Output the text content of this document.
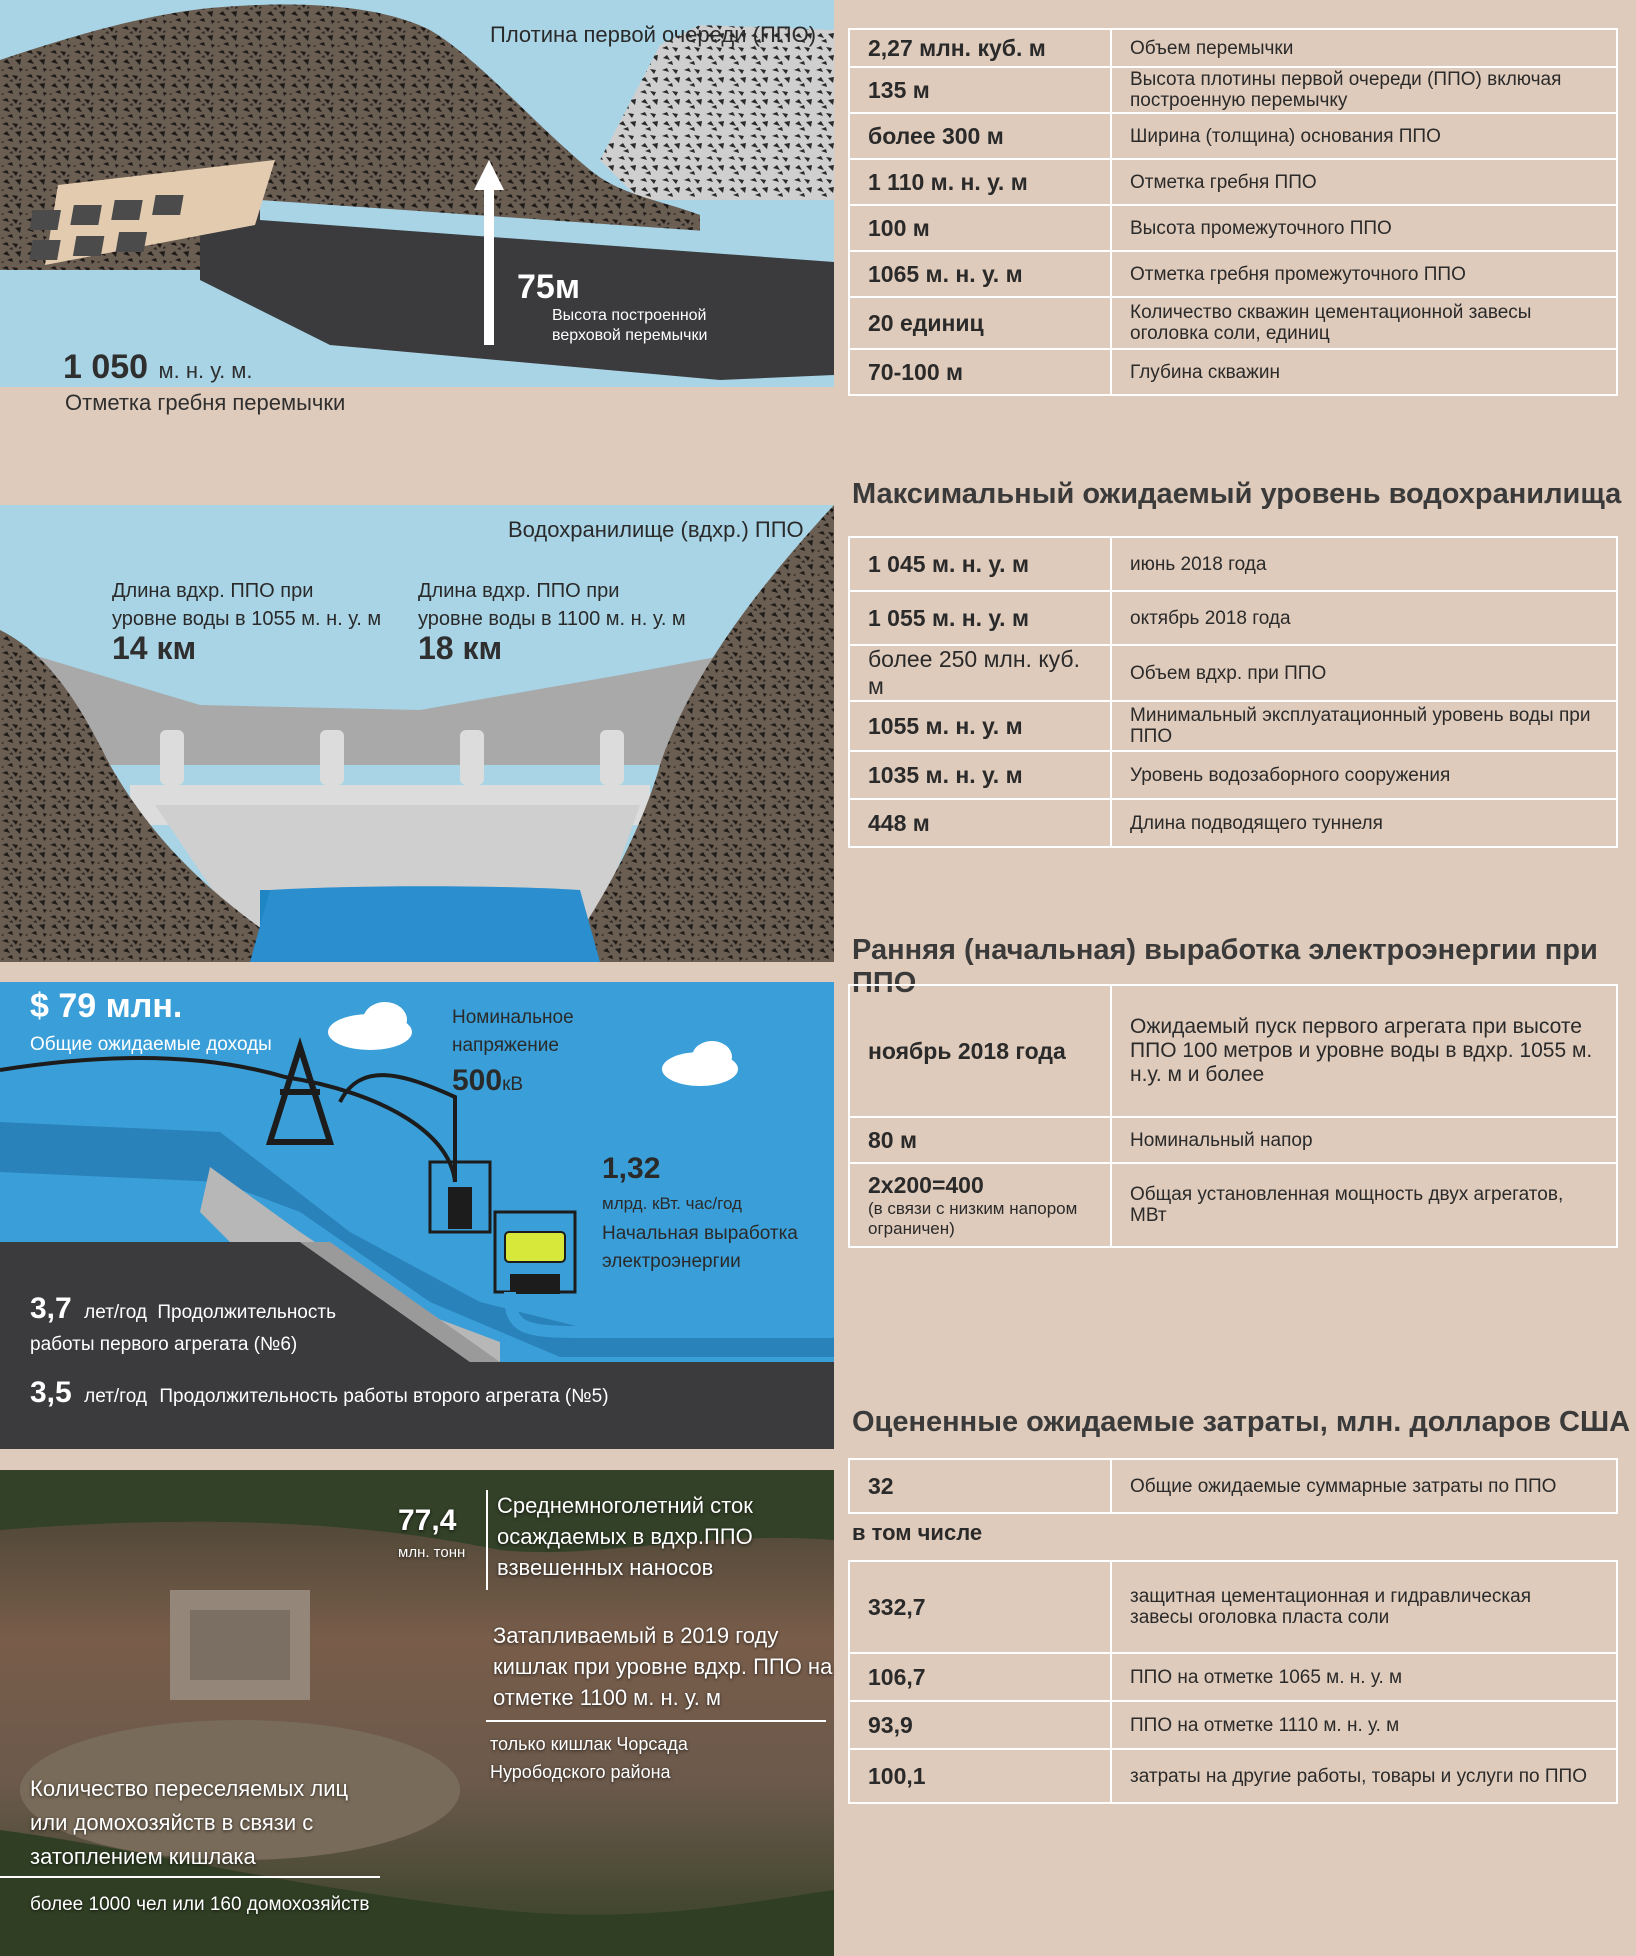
Плотина первой очереди (ППО)
75м
Высота построенной верховой перемычки
1 050 м. н. у. м.
Отметка гребня перемычки
Водохранилище (вдхр.) ППО
Длина вдхр. ППО при уровне воды в 1055 м. н. у. м
14 км
Длина вдхр. ППО при уровне воды в 1100 м. н. у. м
18 км
$ 79 млн.
Общие ожидаемые доходы
Номинальное напряжение
500кВ
1,32
млрд. кВт. час/год
Начальная выработка электроэнергии
3,7 лет/год Продолжительность
работы первого агрегата (№6)
3,5 лет/год Продолжительность работы второго агрегата (№5)
77,4
млн. тонн
Среднемноголетний сток осаждаемых в вдхр.ППО взвешенных наносов
Затапливаемый в 2019 году кишлак при уровне вдхр. ППО на отметке 1100 м. н. у. м
только кишлак Чорсада Нурободского района
Количество переселяемых лиц или домохозяйств в связи с затоплением кишлака
более 1000 чел или 160 домохозяйств
2,27 млн. куб. м	Объем перемычки
135 м	Высота плотины первой очереди (ППО) включая построенную перемычку
более 300 м	Ширина (толщина) основания ППО
1 110 м. н. у. м	Отметка гребня ППО
100 м	Высота промежуточного ППО
1065 м. н. у. м	Отметка гребня промежуточного ППО
20 единиц	Количество скважин цементационной завесы оголовка соли, единиц
70-100 м	Глубина скважин
Максимальный ожидаемый уровень водохранилища
1 045 м. н. у. м	июнь 2018 года
1 055 м. н. у. м	октябрь 2018 года
более 250 млн. куб. м	Объем вдхр. при ППО
1055 м. н. у. м	Минимальный эксплуатационный уровень воды при ППО
1035 м. н. у. м	Уровень водозаборного сооружения
448 м	Длина подводящего туннеля
Ранняя (начальная) выработка электроэнергии при ППО
ноябрь 2018 года	Ожидаемый пуск первого агрегата при высоте ППО 100 метров и уровне воды в вдхр. 1055 м. н.у. м и более
80 м	Номинальный напор

2x200=400
(в связи с низким напором ограничен)	Общая установленная мощность двух агрегатов, МВт
Оцененные ожидаемые затраты, млн. долларов США
32	Общие ожидаемые суммарные затраты по ППО
в том числе
332,7	защитная цементационная и гидравлическая завесы оголовка пласта соли
106,7	ППО на отметке 1065 м. н. у. м
93,9	ППО на отметке 1110 м. н. у. м
100,1	затраты на другие работы, товары и услуги по ППО
